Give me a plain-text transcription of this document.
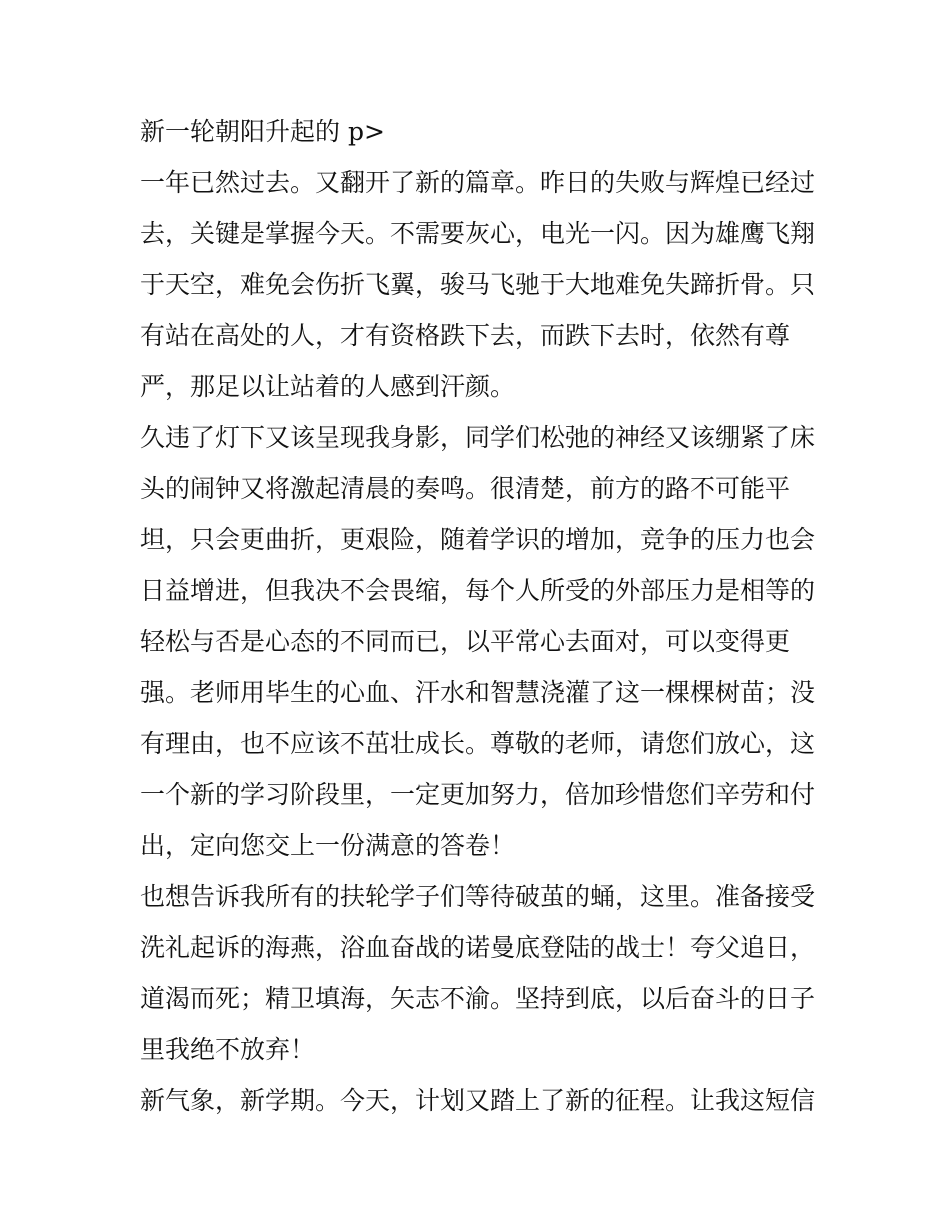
新一轮朝阳升起的 p>
一年已然过去。又翻开了新的篇章。昨日的失败与辉煌已经过
去，关键是掌握今天。不需要灰心，电光一闪。因为雄鹰飞翔
于天空，难免会伤折飞翼，骏马飞驰于大地难免失蹄折骨。只
有站在高处的人，才有资格跌下去，而跌下去时，依然有尊
严，那足以让站着的人感到汗颜。
久违了灯下又该呈现我身影，同学们松弛的神经又该绷紧了床
头的闹钟又将激起清晨的奏鸣。很清楚，前方的路不可能平
坦，只会更曲折，更艰险，随着学识的增加，竞争的压力也会
日益增进，但我决不会畏缩，每个人所受的外部压力是相等的
轻松与否是心态的不同而已，以平常心去面对，可以变得更
强。老师用毕生的心血、汗水和智慧浇灌了这一棵棵树苗；没
有理由，也不应该不茁壮成长。尊敬的老师，请您们放心，这
一个新的学习阶段里，一定更加努力，倍加珍惜您们辛劳和付
出，定向您交上一份满意的答卷！
也想告诉我所有的扶轮学子们等待破茧的蛹，这里。准备接受
洗礼起诉的海燕，浴血奋战的诺曼底登陆的战士！夸父追日，
道渴而死；精卫填海，矢志不渝。坚持到底，以后奋斗的日子
里我绝不放弃！
新气象，新学期。今天，计划又踏上了新的征程。让我这短信
